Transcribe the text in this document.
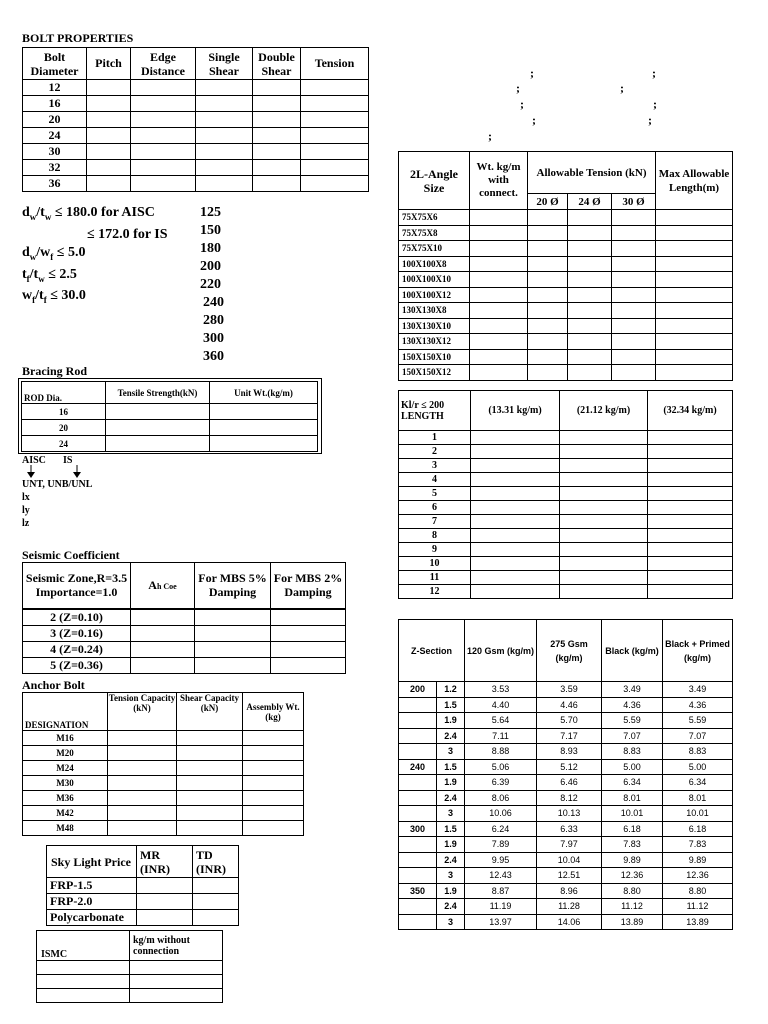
BOLT PROPERTIES
Bolt Diameter	Pitch	Edge Distance	Single Shear	Double Shear	Tension
12					
16					
20					
24					
30					
32					
36					
$d_w/t_w \le 180.0$ for AISC
≤ 172.0 for IS
$d_w/w_f \le 5.0$
$t_f/t_w \le 2.5$
$w_f/t_f \le 30.0$
125
150
180
200
220
240
280
300
360
Bracing Rod
ROD Dia.	Tensile Strength(kN)	Unit Wt.(kg/m)
16		
20		
24		
AISC IS
UNT, UNB/UNL
lx
ly
lz
Seismic Coefficient
Seismic Zone,R=3.5 Importance=1.0	Ah Coe	For MBS 5% Damping	For MBS 2% Damping
2 (Z=0.10)			
3 (Z=0.16)			
4 (Z=0.24)			
5 (Z=0.36)			
Anchor Bolt
DESIGNATION	Tension Capacity (kN)	Shear Capacity (kN)	Assembly Wt.(kg)
M16			
M20			
M24			
M30			
M36			
M42			
M48			
Sky Light Price	MR (INR)	TD (INR)
FRP-1.5		
FRP-2.0		
Polycarbonate		
ISMC	kg/m without connection

;	;
;	;
;	;
;	;
;
2L-Angle Size	Wt. kg/m with connect.	Allowable Tension (kN)			Max Allowable Length(m)
		20 Ø	24 Ø	30 Ø	
75X75X6					
75X75X8					
75X75X10					
100X100X8					
100X100X10					
100X100X12					
130X130X8					
130X130X10					
130X130X12					
150X150X10					
150X150X12					
Kl/r ≤ 200 LENGTH	(13.31 kg/m)	(21.12 kg/m)	(32.34 kg/m)
1			
2			
3			
4			
5			
6			
7			
8			
9			
10			
11			
12			
Z-Section		120 Gsm (kg/m)	275 Gsm (kg/m)	Black (kg/m)	Black + Primed (kg/m)
200	1.2	3.53	3.59	3.49	3.49
	1.5	4.40	4.46	4.36	4.36
	1.9	5.64	5.70	5.59	5.59
	2.4	7.11	7.17	7.07	7.07
	3	8.88	8.93	8.83	8.83
240	1.5	5.06	5.12	5.00	5.00
	1.9	6.39	6.46	6.34	6.34
	2.4	8.06	8.12	8.01	8.01
	3	10.06	10.13	10.01	10.01
300	1.5	6.24	6.33	6.18	6.18
	1.9	7.89	7.97	7.83	7.83
	2.4	9.95	10.04	9.89	9.89
	3	12.43	12.51	12.36	12.36
350	1.9	8.87	8.96	8.80	8.80
	2.4	11.19	11.28	11.12	11.12
	3	13.97	14.06	13.89	13.89
